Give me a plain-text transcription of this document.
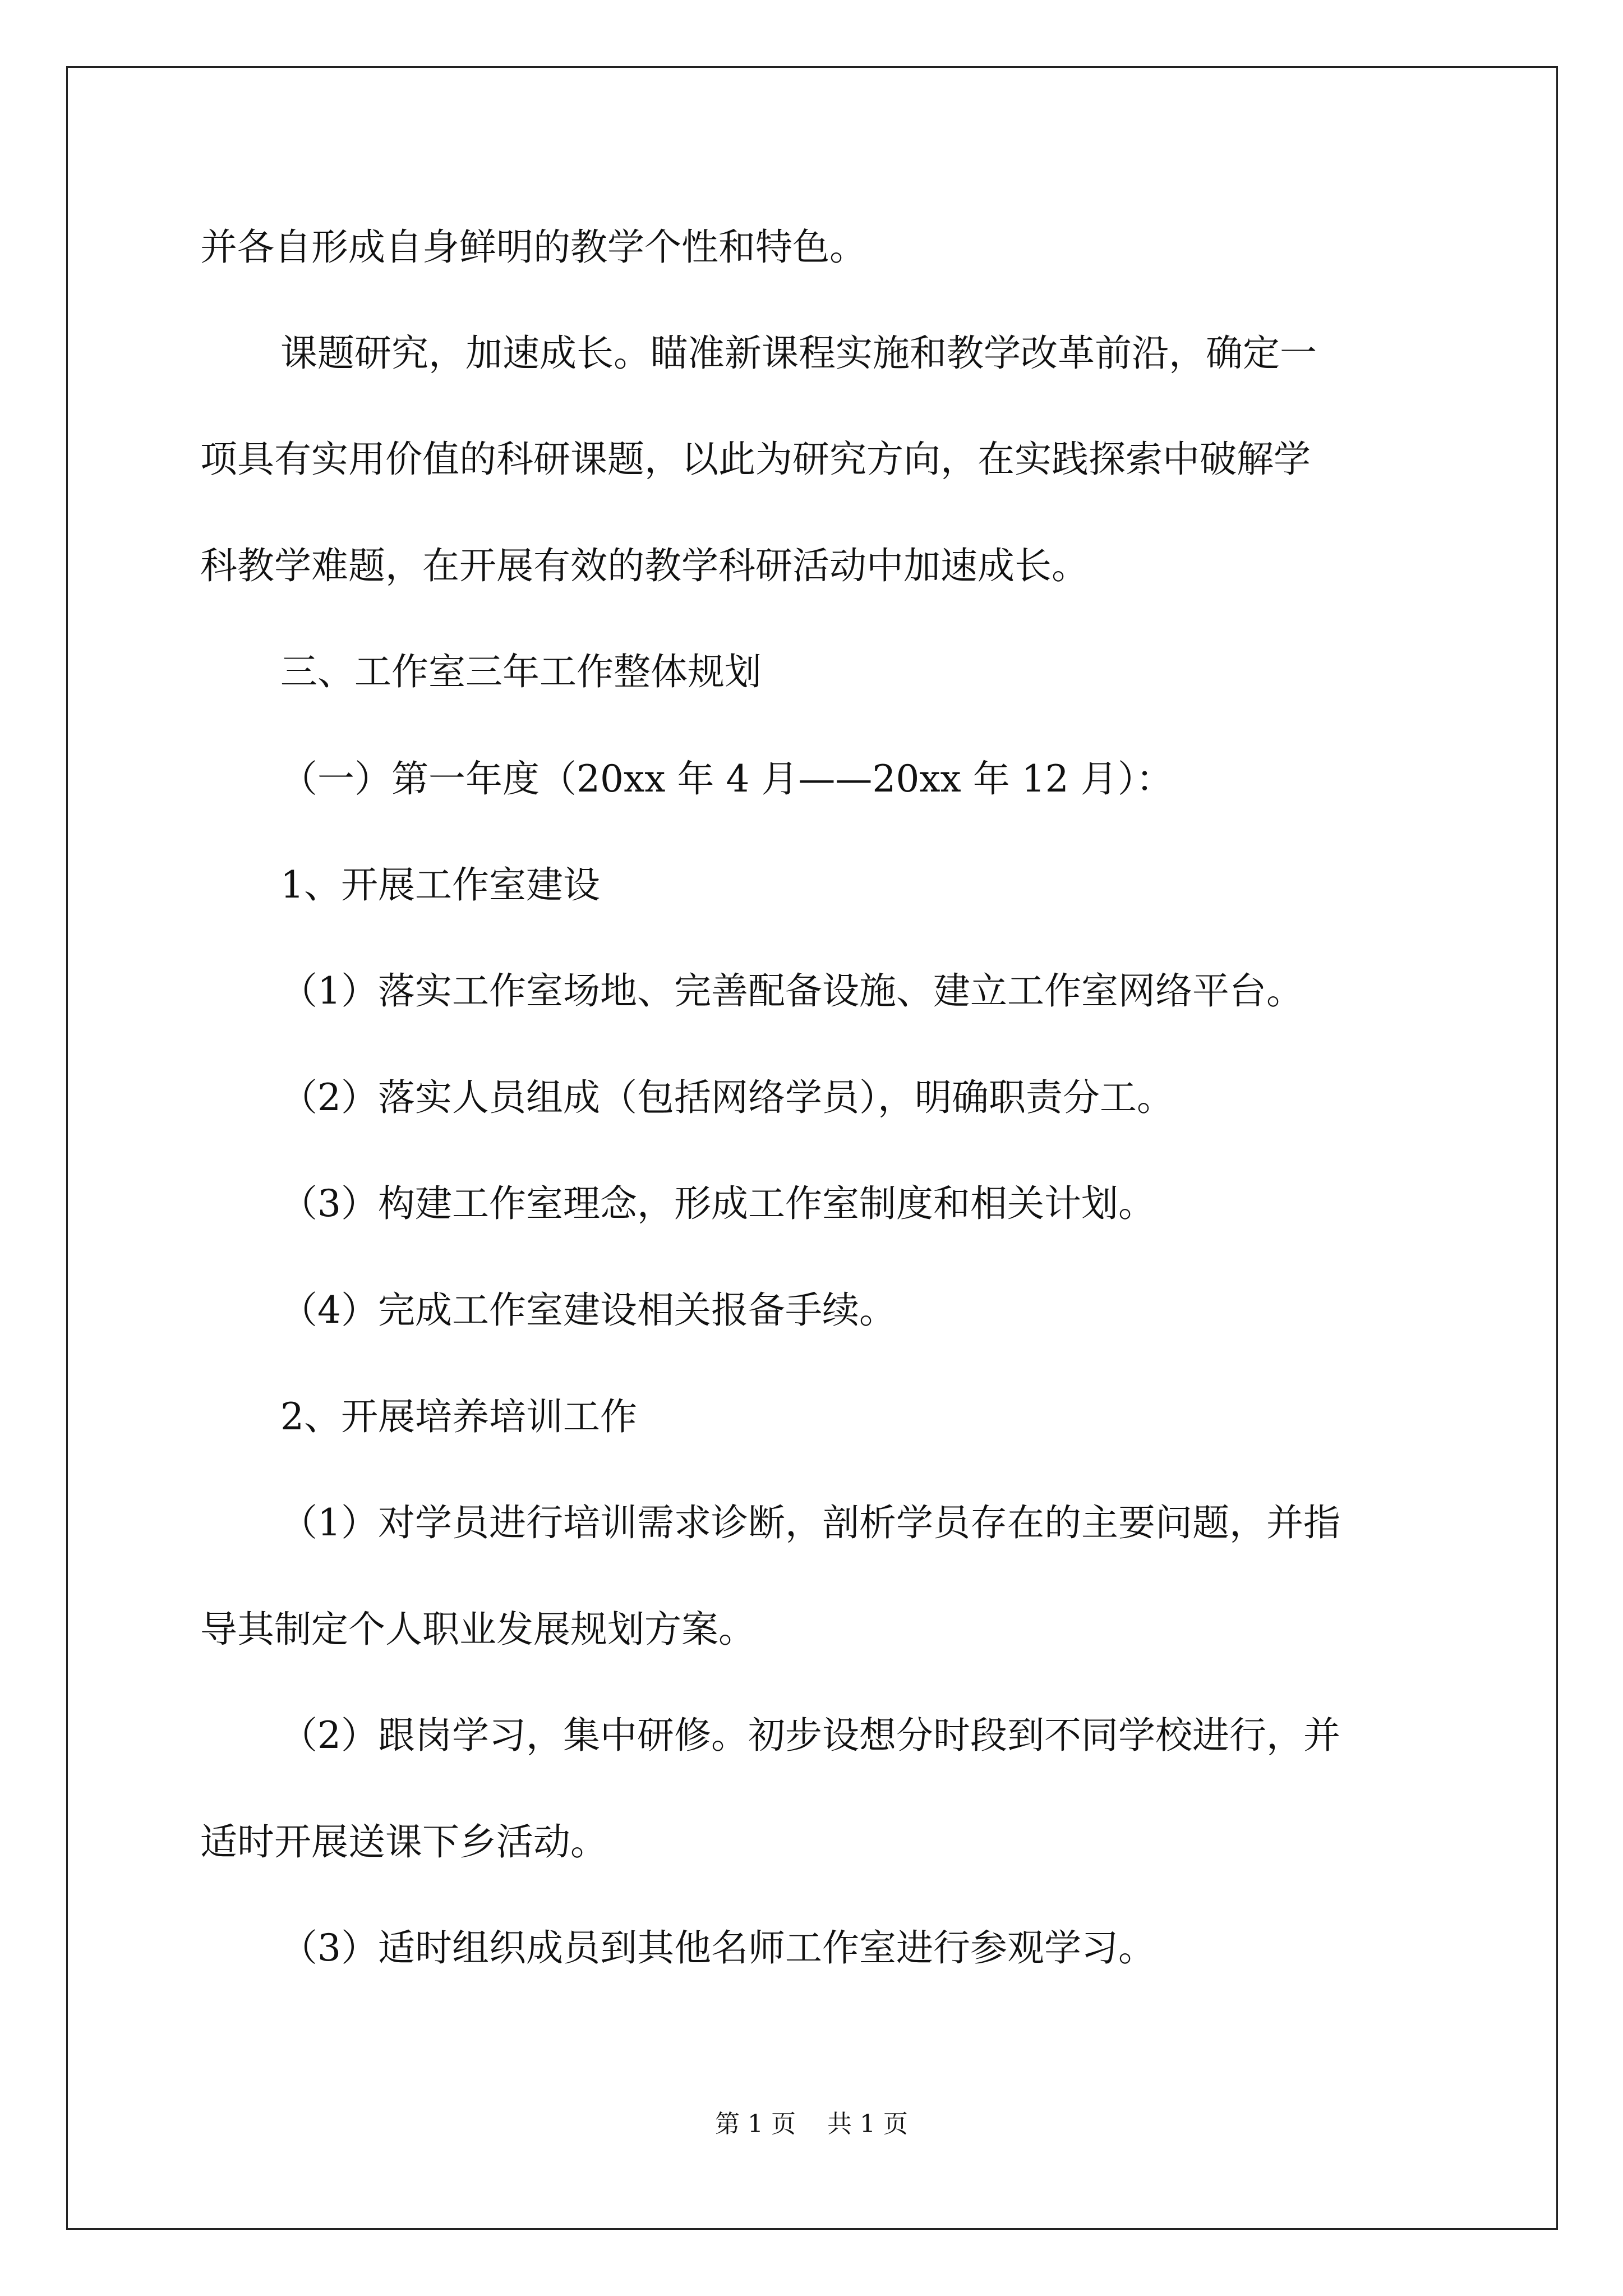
并各自形成自身鲜明的教学个性和特色。

课题研究，加速成长。瞄准新课程实施和教学改革前沿，确定一

项具有实用价值的科研课题，以此为研究方向，在实践探索中破解学

科教学难题，在开展有效的教学科研活动中加速成长。

三、工作室三年工作整体规划

（一）第一年度（20xx 年 4 月——20xx 年 12 月）：

1、开展工作室建设

（1）落实工作室场地、完善配备设施、建立工作室网络平台。

（2）落实人员组成（包括网络学员），明确职责分工。

（3）构建工作室理念，形成工作室制度和相关计划。

（4）完成工作室建设相关报备手续。

2、开展培养培训工作

（1）对学员进行培训需求诊断，剖析学员存在的主要问题，并指

导其制定个人职业发展规划方案。

（2）跟岗学习，集中研修。初步设想分时段到不同学校进行，并

适时开展送课下乡活动。

（3）适时组织成员到其他名师工作室进行参观学习。

第 1 页    共 1 页
